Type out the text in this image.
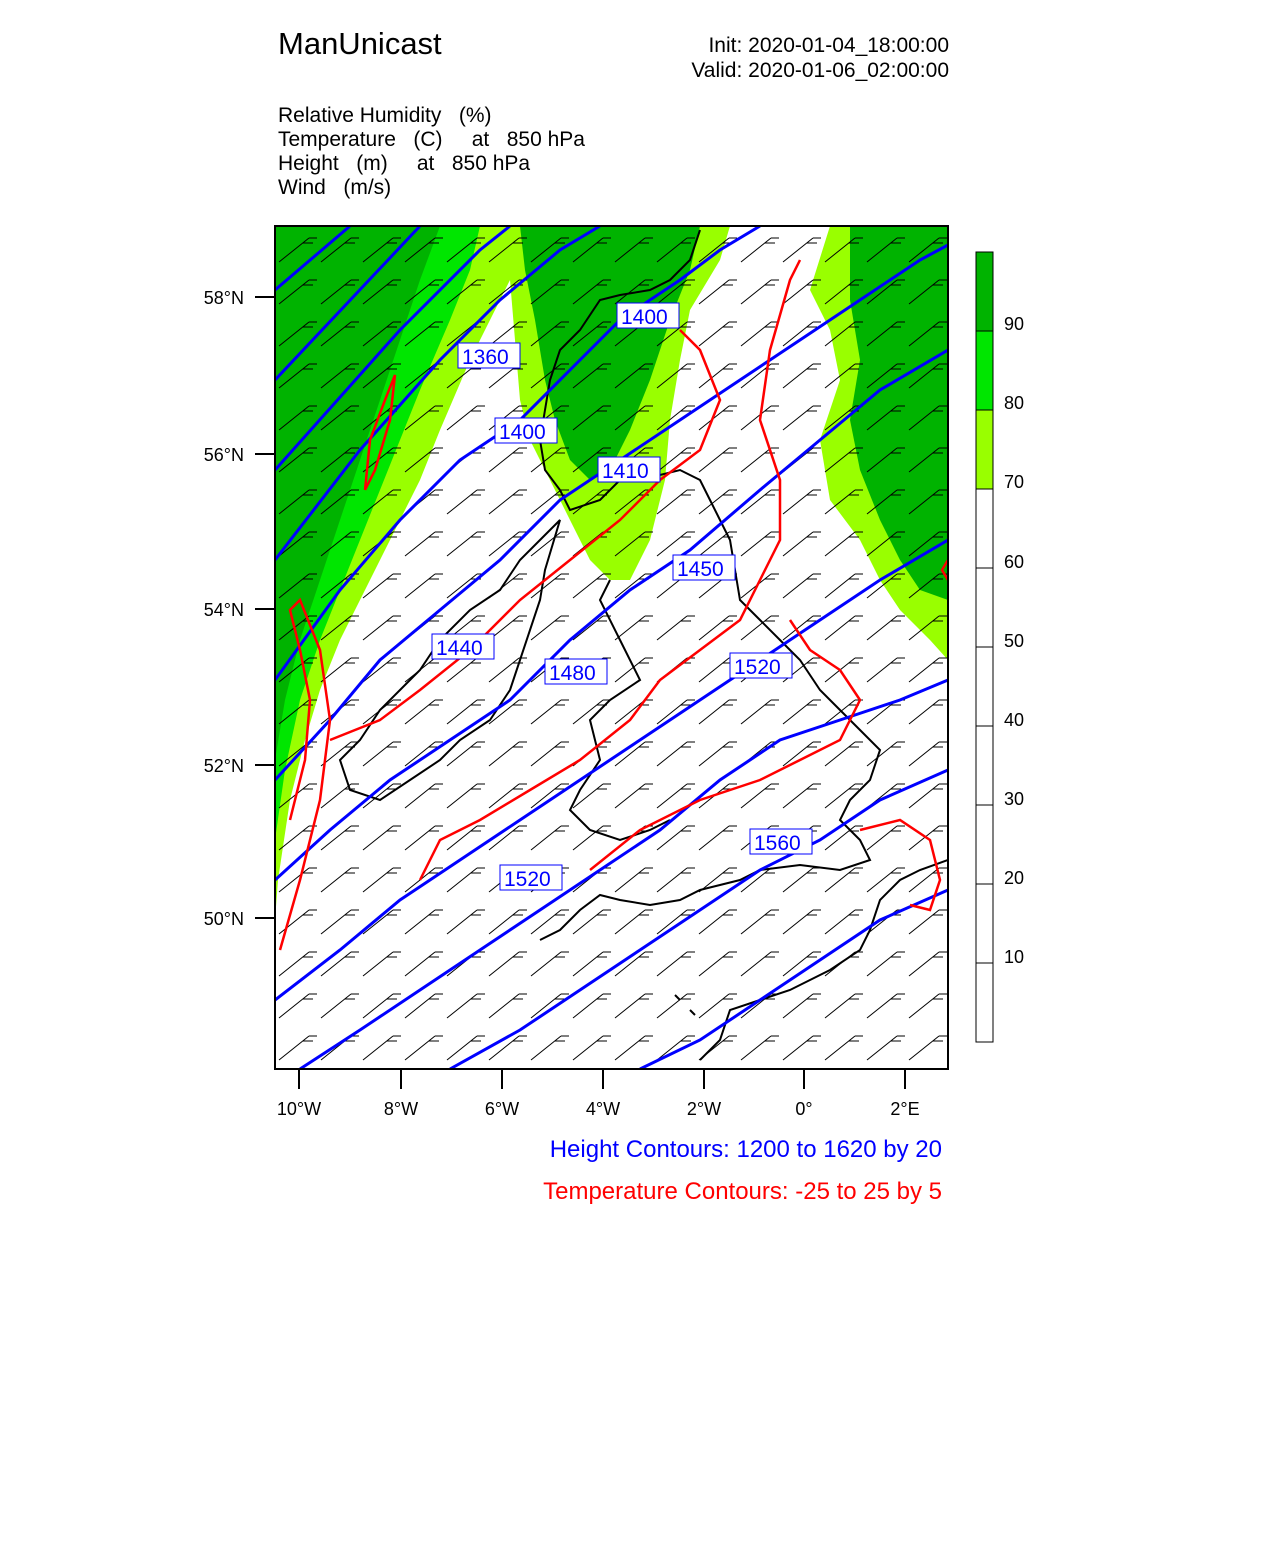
ManUnicast	Init: 2020-01-04_18:00:00
Valid: 2020-01-06_02:00:00
Relative Humidity   (%)
Temperature   (C)     at   850 hPa
Height   (m)     at   850 hPa
Wind   (m/s)
1360
1400
1400
1410
1440
1450
1480	1520
1520
1560
58°N
56°N
54°N
52°N
50°N
10°W	8°W	6°W	4°W	2°W	0°	2°E
90
80
70
60
50
40
30
20
10
Height Contours: 1200 to 1620 by 20
Temperature Contours: -25 to 25 by 5
